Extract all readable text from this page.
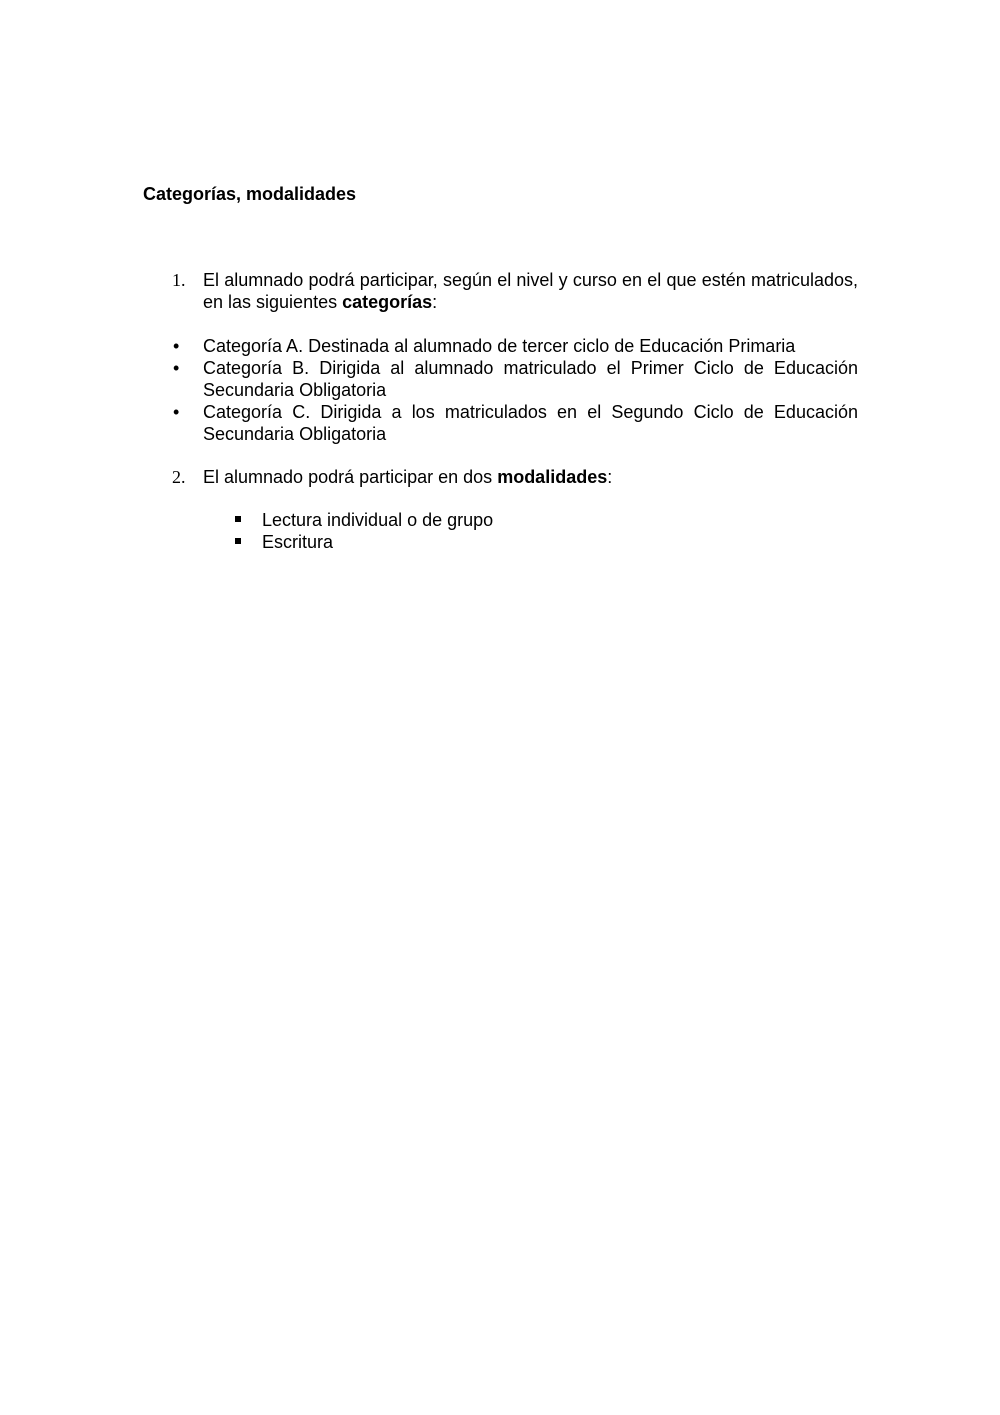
Categorías, modalidades
1. El alumnado podrá participar, según el nivel y curso en el que estén matriculados, en las siguientes categorías:
• Categoría A. Destinada al alumnado de tercer ciclo de Educación Primaria
• Categoría B. Dirigida al alumnado matriculado el Primer Ciclo de Educación Secundaria Obligatoria
• Categoría C. Dirigida a los matriculados en el Segundo Ciclo de Educación Secundaria Obligatoria
2. El alumnado podrá participar en dos modalidades:
Lectura individual o de grupo
Escritura
